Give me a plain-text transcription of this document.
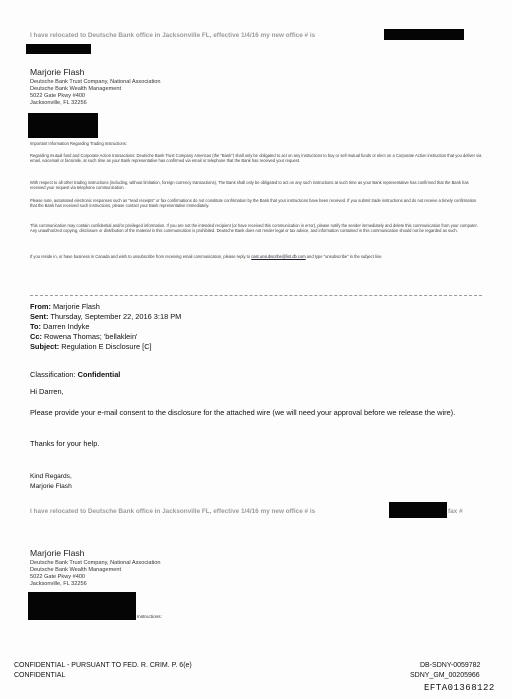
I have relocated to Deutsche Bank office in Jacksonville FL, effective 1/4/16 my new office # is
Marjorie Flash
Deutsche Bank Trust Company, National Association
Deutsche Bank Wealth Management
5022 Gate Pkwy #400
Jacksonville, FL 32256
Important Information Regarding Trading Instructions:
Regarding mutual fund and Corporate Action transactions: Deutsche Bank Trust Company Americas (the "Bank") shall only be obligated to act on any instructions to buy or sell mutual funds or elect on a Corporate Action instruction that you deliver via email, voicemail or facsimile, at such time as your Bank representative has confirmed via email or telephone that the Bank has received your request.
With respect to all other trading instructions (including, without limitation, foreign currency transactions), The Bank shall only be obligated to act on any such instructions at such time as your Bank representative has confirmed that the Bank has received your request via telephone communication.
Please note, automated electronic responses such as "read receipts" or fax confirmations do not constitute confirmation by the Bank that your instructions have been received. If you submit trade instructions and do not receive a timely confirmation that the Bank has received such instructions, please contact your Bank representative immediately.
This communication may contain confidential and/or privileged information. If you are not the intended recipient (or have received this communication in error), please notify the sender immediately and delete this communication from your computer. Any unauthorized copying, disclosure or distribution of the material in this communication is prohibited. Deutsche Bank does not render legal or tax advice, and information contained in this communication should not be regarded as such.
If you reside in, or have business in Canada and wish to unsubscribe from receiving email communication, please reply to cast.unsubscribe@list.db.com and type "unsubscribe" in the subject line.
From: Marjorie Flash
Sent: Thursday, September 22, 2016 3:18 PM
To: Darren Indyke
Cc: Rowena Thomas; 'bellaklein'
Subject: Regulation E Disclosure [C]
Classification: Confidential
Hi Darren,
Please provide your e-mail consent to the disclosure for the attached wire (we will need your approval before we release the wire).
Thanks for your help.
Kind Regards,
Marjorie Flash
I have relocated to Deutsche Bank office in Jacksonville FL, effective 1/4/16 my new office # is	fax #
Marjorie Flash
Deutsche Bank Trust Company, National Association
Deutsche Bank Wealth Management
5022 Gate Pkwy #400
Jacksonville, FL 32256
Instructions:
CONFIDENTIAL - PURSUANT TO FED. R. CRIM. P. 6(e)
CONFIDENTIAL
DB-SDNY-0059782
SDNY_GM_00205966
EFTA01368122
